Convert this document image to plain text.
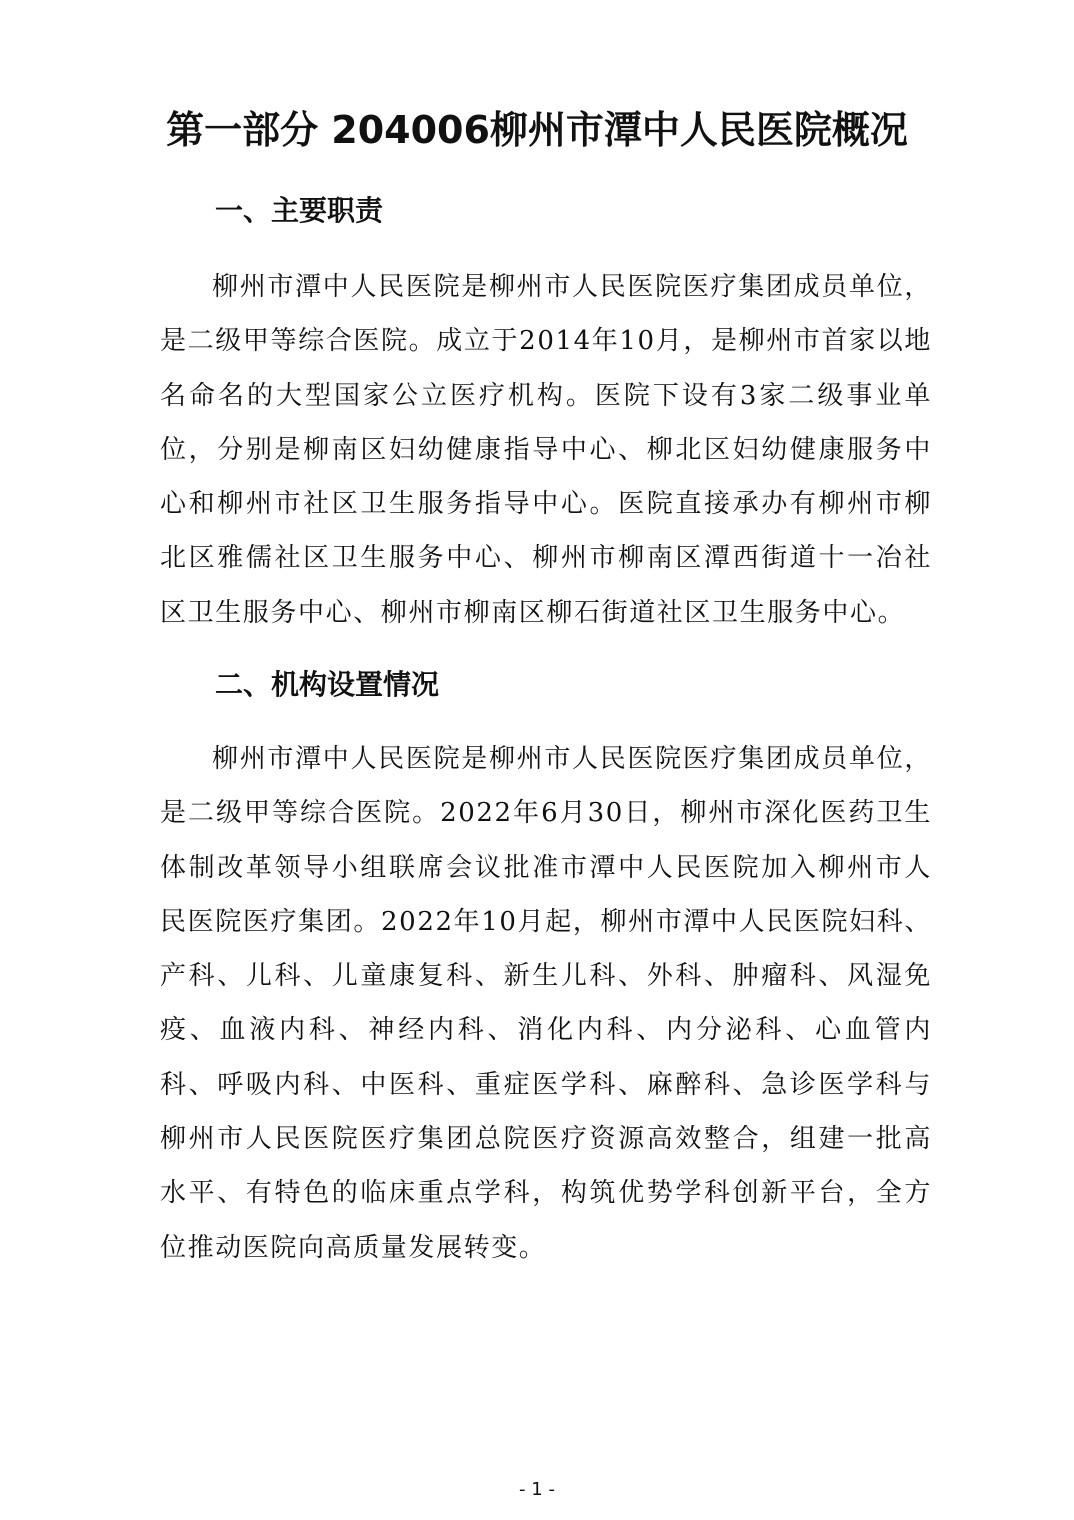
第一部分 204006柳州市潭中人民医院概况
一、主要职责

柳州市潭中人民医院是柳州市人民医院医疗集团成员单位，是二级甲等综合医院。成立于2014年10月，是柳州市首家以地名命名的大型国家公立医疗机构。医院下设有3家二级事业单位，分别是柳南区妇幼健康指导中心、柳北区妇幼健康服务中心和柳州市社区卫生服务指导中心。医院直接承办有柳州市柳北区雅儒社区卫生服务中心、柳州市柳南区潭西街道十一冶社区卫生服务中心、柳州市柳南区柳石街道社区卫生服务中心。

二、机构设置情况

柳州市潭中人民医院是柳州市人民医院医疗集团成员单位，是二级甲等综合医院。2022年6月30日，柳州市深化医药卫生体制改革领导小组联席会议批准市潭中人民医院加入柳州市人民医院医疗集团。2022年10月起，柳州市潭中人民医院妇科、产科、儿科、儿童康复科、新生儿科、外科、肿瘤科、风湿免疫、血液内科、神经内科、消化内科、内分泌科、心血管内科、呼吸内科、中医科、重症医学科、麻醉科、急诊医学科与柳州市人民医院医疗集团总院医疗资源高效整合，组建一批高水平、有特色的临床重点学科，构筑优势学科创新平台，全方位推动医院向高质量发展转变。

- 1 -
